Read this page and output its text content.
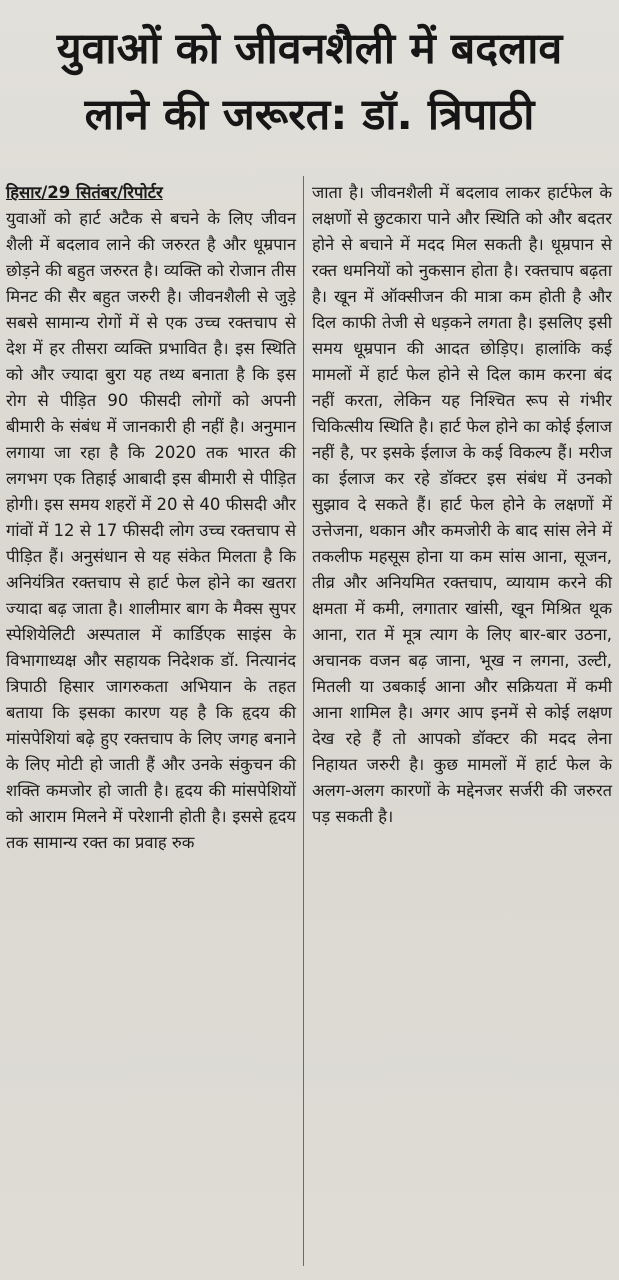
युवाओं को जीवनशैली में बदलाव
लाने की जरूरत: डॉ. त्रिपाठी
हिसार/29 सितंबर/रिपोर्टर
युवाओं को हार्ट अटैक से बचने के लिए जीवन शैली में बदलाव लाने की जरुरत है और धूम्रपान छोड़ने की बहुत जरुरत है। व्यक्ति को रोजान तीस मिनट की सैर बहुत जरुरी है। जीवनशैली से जुड़े सबसे सामान्य रोगों में से एक उच्च रक्तचाप से देश में हर तीसरा व्यक्ति प्रभावित है। इस स्थिति को और ज्यादा बुरा यह तथ्य बनाता है कि इस रोग से पीड़ित 90 फीसदी लोगों को अपनी बीमारी के संबंध में जानकारी ही नहीं है। अनुमान लगाया जा रहा है कि 2020 तक भारत की लगभग एक तिहाई आबादी इस बीमारी से पीड़ित होगी। इस समय शहरों में 20 से 40 फीसदी और गांवों में 12 से 17 फीसदी लोग उच्च रक्तचाप से पीड़ित हैं। अनुसंधान से यह संकेत मिलता है कि अनियंत्रित रक्तचाप से हार्ट फेल होने का खतरा ज्यादा बढ़ जाता है। शालीमार बाग के मैक्स सुपर स्पेशियेलिटी अस्पताल में कार्डिएक साइंस के विभागाध्यक्ष और सहायक निदेशक डॉ. नित्यानंद त्रिपाठी हिसार जागरुकता अभियान के तहत बताया कि इसका कारण यह है कि हृदय की मांसपेशियां बढ़े हुए रक्तचाप के लिए जगह बनाने के लिए मोटी हो जाती हैं और उनके संकुचन की शक्ति कमजोर हो जाती है। हृदय की मांसपेशियों को आराम मिलने में परेशानी होती है। इससे हृदय तक सामान्य रक्त का प्रवाह रुक
जाता है। जीवनशैली में बदलाव लाकर हार्टफेल के लक्षणों से छुटकारा पाने और स्थिति को और बदतर होने से बचाने में मदद मिल सकती है। धूम्रपान से रक्त धमनियों को नुकसान होता है। रक्तचाप बढ़ता है। खून में ऑक्सीजन की मात्रा कम होती है और दिल काफी तेजी से धड़कने लगता है। इसलिए इसी समय धूम्रपान की आदत छोड़िए। हालांकि कई मामलों में हार्ट फेल होने से दिल काम करना बंद नहीं करता, लेकिन यह निश्चित रूप से गंभीर चिकित्सीय स्थिति है। हार्ट फेल होने का कोई ईलाज नहीं है, पर इसके ईलाज के कई विकल्प हैं। मरीज का ईलाज कर रहे डॉक्टर इस संबंध में उनको सुझाव दे सकते हैं। हार्ट फेल होने के लक्षणों में उत्तेजना, थकान और कमजोरी के बाद सांस लेने में तकलीफ महसूस होना या कम सांस आना, सूजन, तीव्र और अनियमित रक्तचाप, व्यायाम करने की क्षमता में कमी, लगातार खांसी, खून मिश्रित थूक आना, रात में मूत्र त्याग के लिए बार-बार उठना, अचानक वजन बढ़ जाना, भूख न लगना, उल्टी, मितली या उबकाई आना और सक्रियता में कमी आना शामिल है। अगर आप इनमें से कोई लक्षण देख रहे हैं तो आपको डॉक्टर की मदद लेना निहायत जरुरी है। कुछ मामलों में हार्ट फेल के अलग-अलग कारणों के मद्देनजर सर्जरी की जरुरत पड़ सकती है।
